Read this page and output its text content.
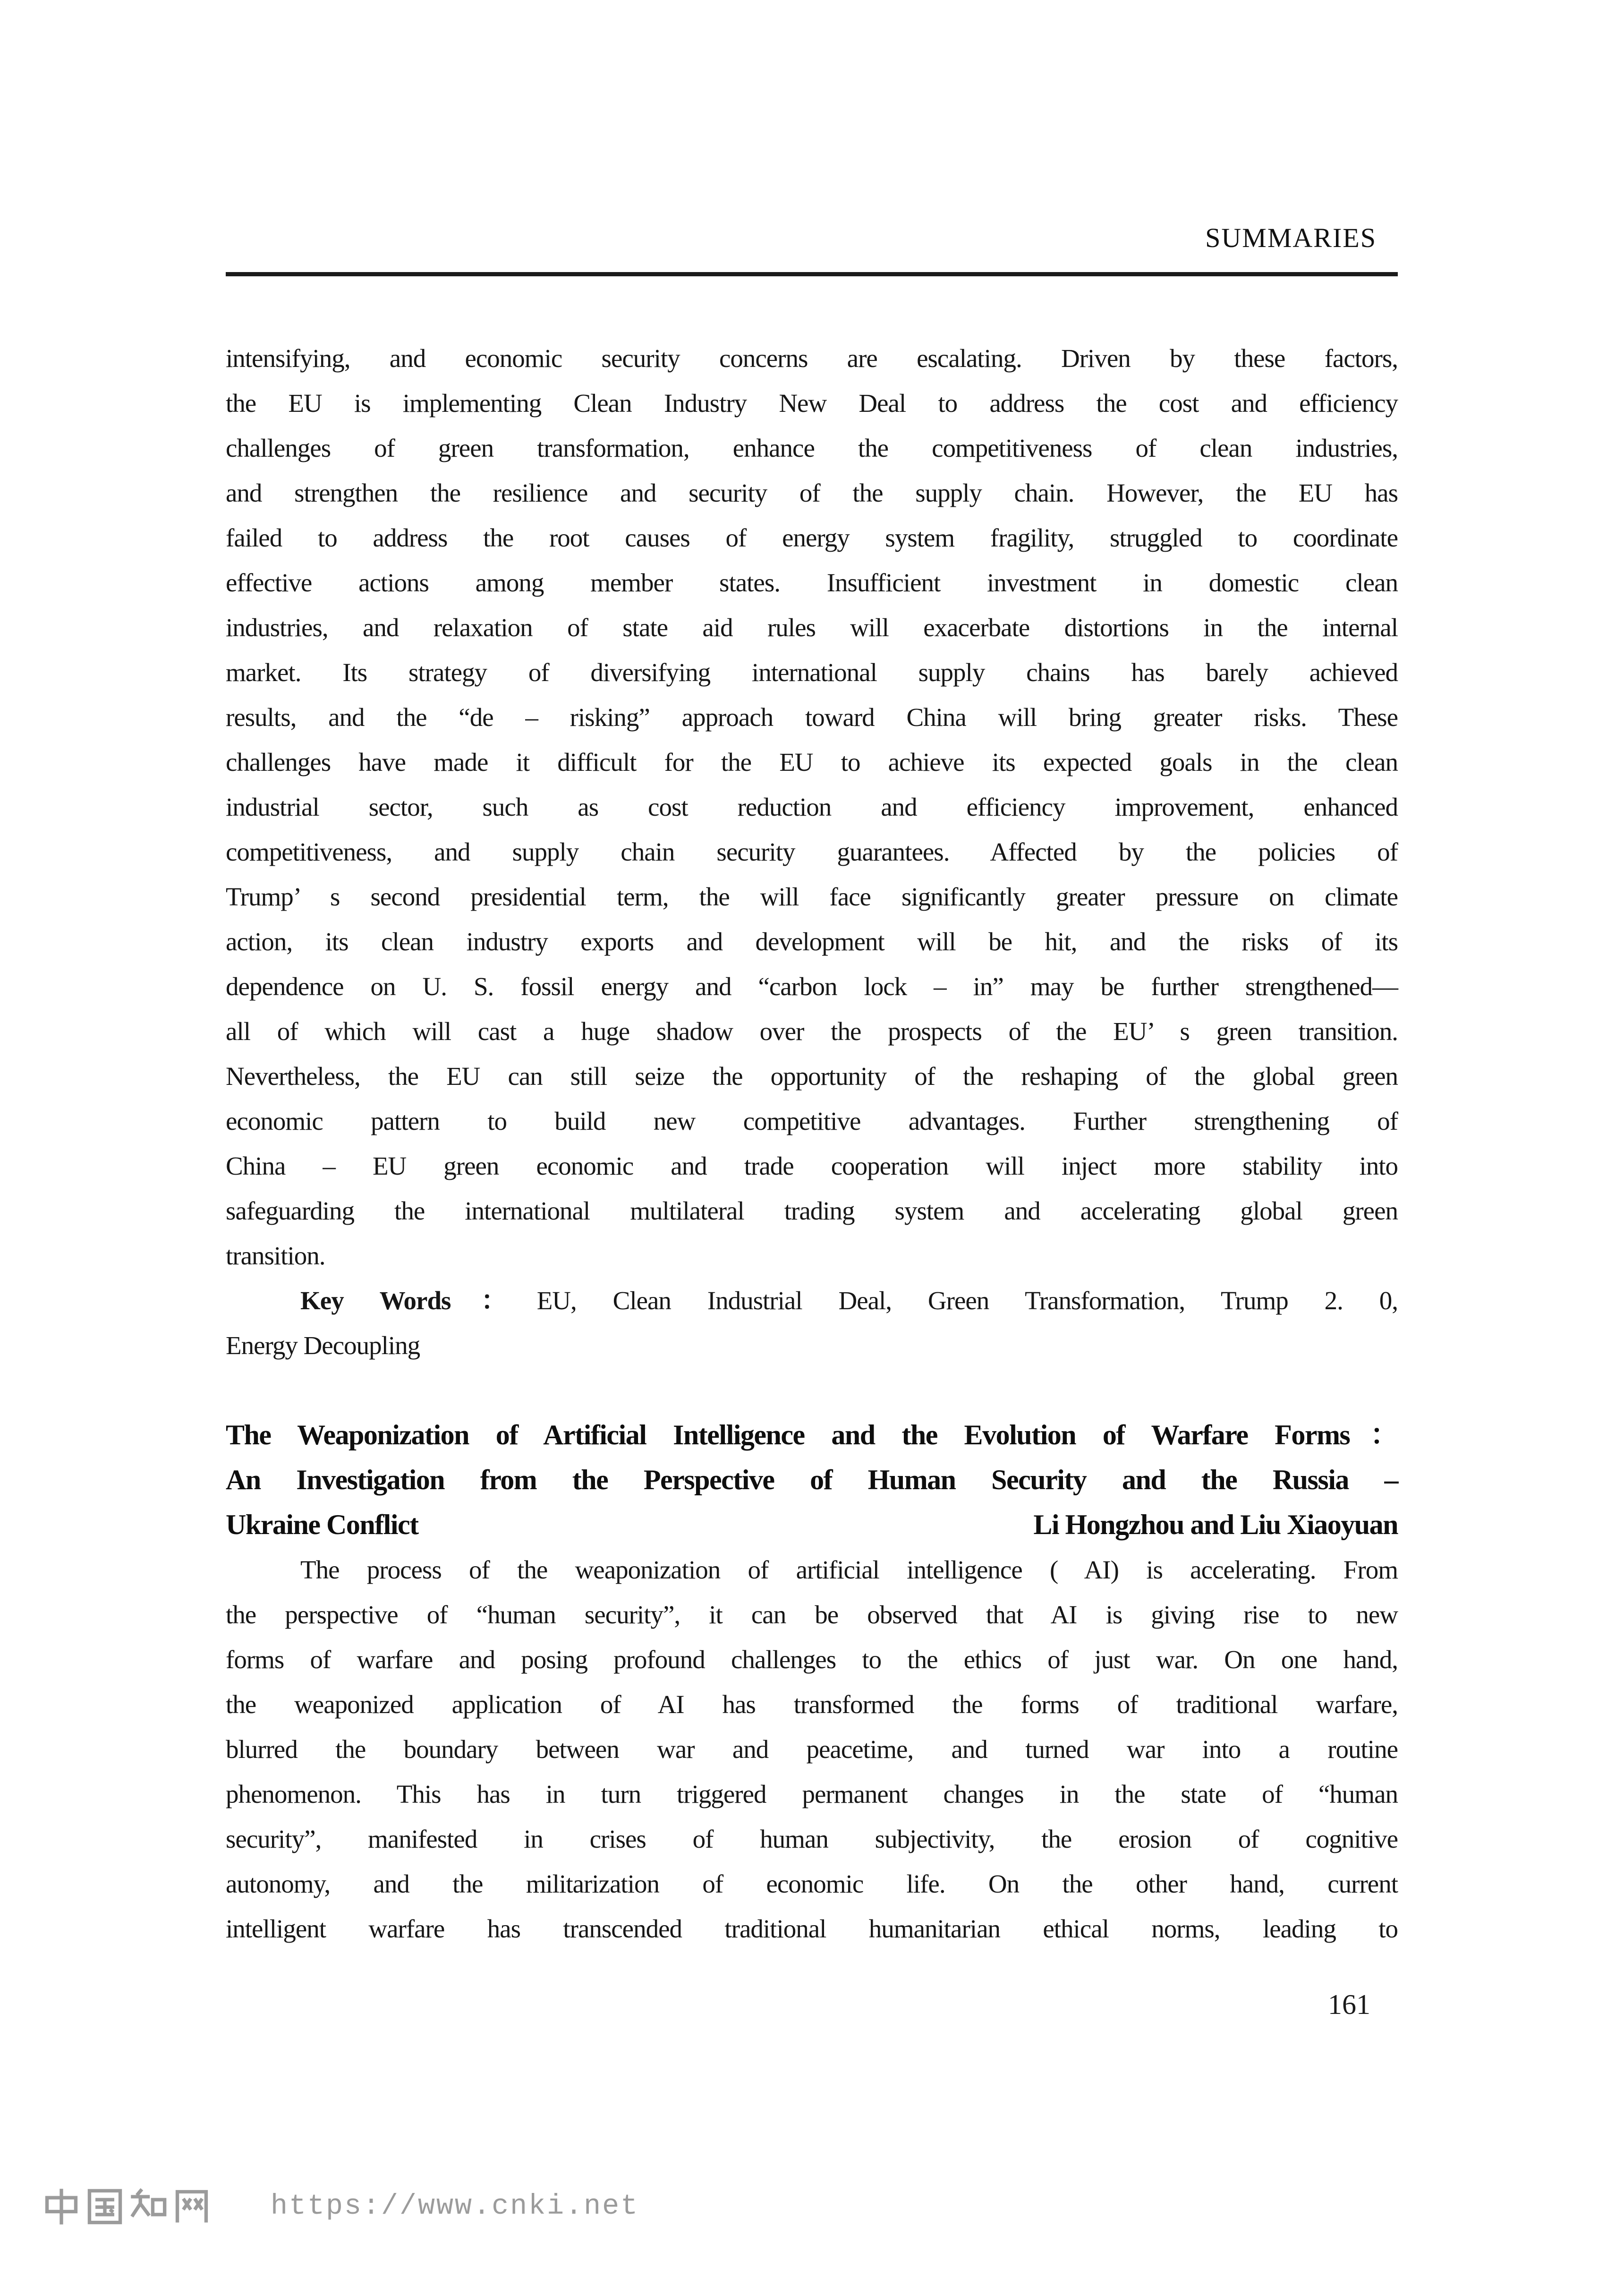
SUMMARIES
intensifying, and economic security concerns are escalating. Driven by these factors,
the EU is implementing Clean Industry New Deal to address the cost and efficiency
challenges of green transformation, enhance the competitiveness of clean industries,
and strengthen the resilience and security of the supply chain. However, the EU has
failed to address the root causes of energy system fragility, struggled to coordinate
effective actions among member states. Insufficient investment in domestic clean
industries, and relaxation of state aid rules will exacerbate distortions in the internal
market. Its strategy of diversifying international supply chains has barely achieved
results, and the “de – risking” approach toward China will bring greater risks. These
challenges have made it difficult for the EU to achieve its expected goals in the clean
industrial sector, such as cost reduction and efficiency improvement, enhanced
competitiveness, and supply chain security guarantees. Affected by the policies of
Trump’ s second presidential term, the will face significantly greater pressure on climate
action, its clean industry exports and development will be hit, and the risks of its
dependence on U. S. fossil energy and “carbon lock – in” may be further strengthened—
all of which will cast a huge shadow over the prospects of the EU’ s green transition.
Nevertheless, the EU can still seize the opportunity of the reshaping of the global green
economic pattern to build new competitive advantages. Further strengthening of
China – EU green economic and trade cooperation will inject more stability into
safeguarding the international multilateral trading system and accelerating global green
transition.
Key Words：EU, Clean Industrial Deal, Green Transformation, Trump 2. 0,
Energy Decoupling
The Weaponization of Artificial Intelligence and the Evolution of Warfare Forms：
An Investigation from the Perspective of Human Security and the Russia –
Ukraine Conflict	Li Hongzhou and Liu Xiaoyuan
The process of the weaponization of artificial intelligence ( AI) is accelerating. From
the perspective of “human security”, it can be observed that AI is giving rise to new
forms of warfare and posing profound challenges to the ethics of just war. On one hand,
the weaponized application of AI has transformed the forms of traditional warfare,
blurred the boundary between war and peacetime, and turned war into a routine
phenomenon. This has in turn triggered permanent changes in the state of “human
security”, manifested in crises of human subjectivity, the erosion of cognitive
autonomy, and the militarization of economic life. On the other hand, current
intelligent warfare has transcended traditional humanitarian ethical norms, leading to
161
https://www.cnki.net
